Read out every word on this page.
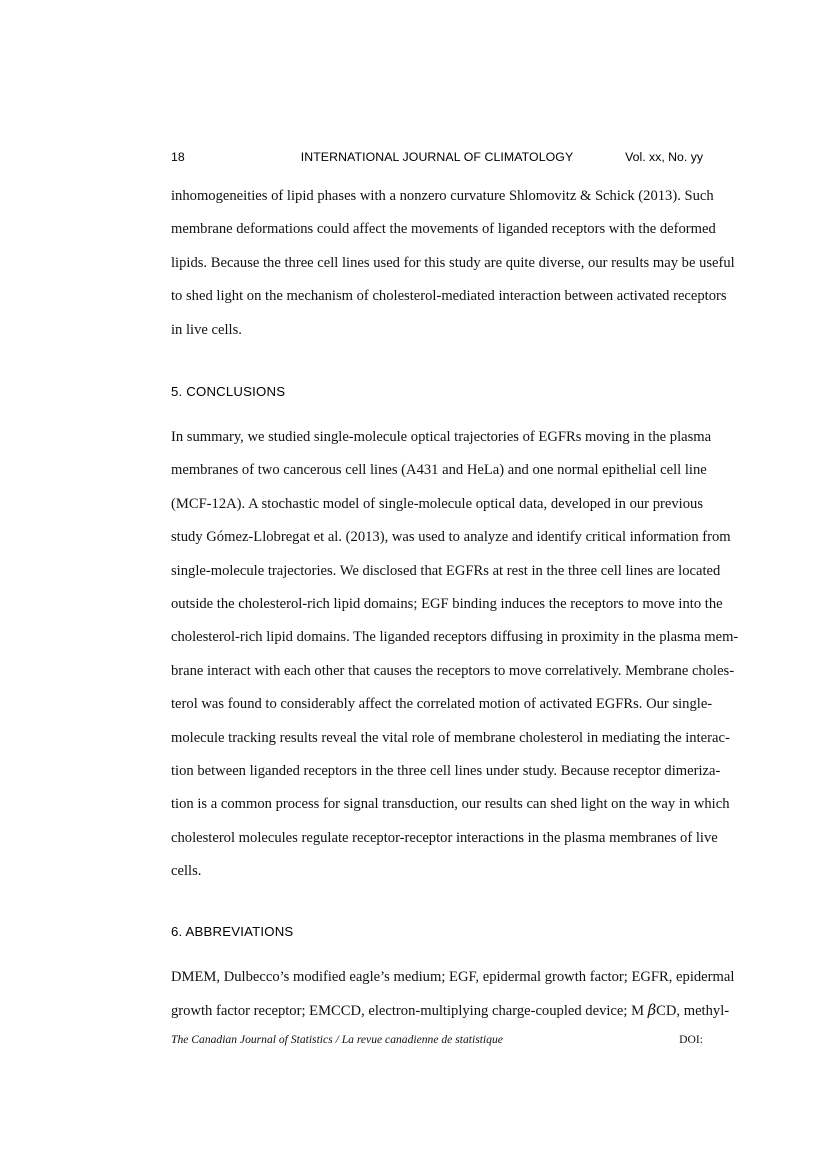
18	INTERNATIONAL JOURNAL OF CLIMATOLOGY	Vol. xx, No. yy
inhomogeneities of lipid phases with a nonzero curvature Shlomovitz & Schick (2013). Such
membrane deformations could affect the movements of liganded receptors with the deformed
lipids. Because the three cell lines used for this study are quite diverse, our results may be useful
to shed light on the mechanism of cholesterol-mediated interaction between activated receptors
in live cells.
5. CONCLUSIONS
In summary, we studied single-molecule optical trajectories of EGFRs moving in the plasma
membranes of two cancerous cell lines (A431 and HeLa) and one normal epithelial cell line
(MCF-12A). A stochastic model of single-molecule optical data, developed in our previous
study Gómez-Llobregat et al. (2013), was used to analyze and identify critical information from
single-molecule trajectories. We disclosed that EGFRs at rest in the three cell lines are located
outside the cholesterol-rich lipid domains; EGF binding induces the receptors to move into the
cholesterol-rich lipid domains. The liganded receptors diffusing in proximity in the plasma mem-
brane interact with each other that causes the receptors to move correlatively. Membrane choles-
terol was found to considerably affect the correlated motion of activated EGFRs. Our single-
molecule tracking results reveal the vital role of membrane cholesterol in mediating the interac-
tion between liganded receptors in the three cell lines under study. Because receptor dimeriza-
tion is a common process for signal transduction, our results can shed light on the way in which
cholesterol molecules regulate receptor-receptor interactions in the plasma membranes of live
cells.
6. ABBREVIATIONS
DMEM, Dulbecco’s modified eagle’s medium; EGF, epidermal growth factor; EGFR, epidermal
growth factor receptor; EMCCD, electron-multiplying charge-coupled device; M βCD, methyl-
The Canadian Journal of Statistics / La revue canadienne de statistique	DOI:
